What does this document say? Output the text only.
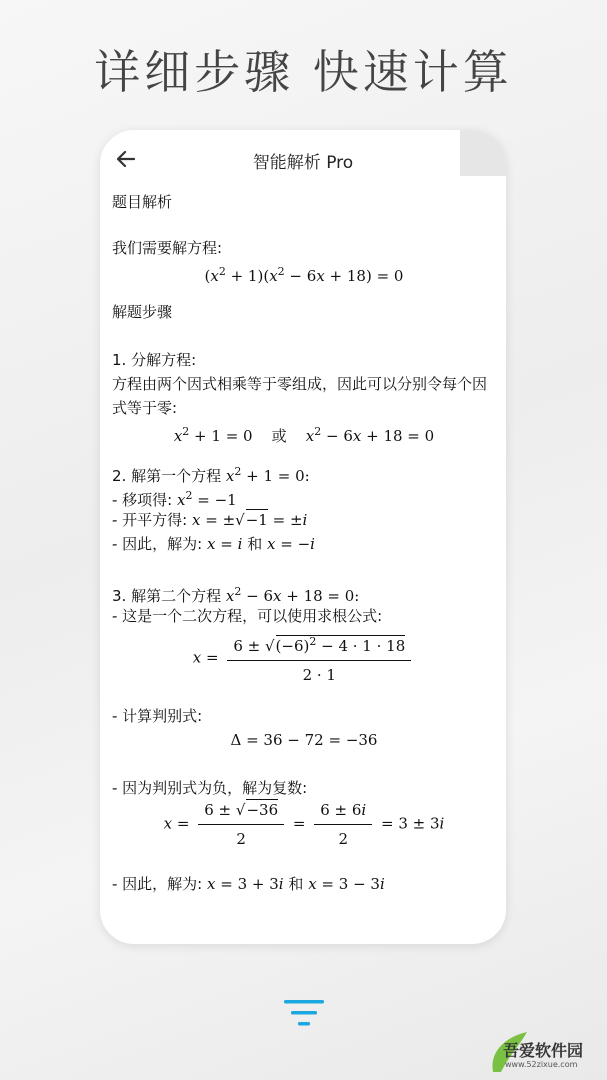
详细步骤 快速计算
智能解析 Pro
题目解析
我们需要解方程:
$(x^2 + 1)(x^2 - 6x + 18) = 0$
解题步骤
1. 分解方程:
方程由两个因式相乘等于零组成，因此可以分别令每个因式等于零:
$x^2 + 1 = 0$    或 $x^2 - 6x + 18 = 0$
2. 解第一个方程 $x^2 + 1 = 0$:
- 移项得: $x^2 = -1$
- 开平方得: x = ±√−1 = ±i
- 因此，解为: x = i 和 x = −i
3. 解第二个方程 $x^2 - 6x + 18 = 0$:
- 这是一个二次方程，可以使用求根公式:
$x = \frac{6 \pm √(-6)^2 - 4 \cdot 1 \cdot 18}{2 \cdot 1}$
- 计算判别式:
Δ = 36 − 72 = −36
- 因为判别式为负，解为复数:
$x = \frac{6 \pm √-36}{2} = \frac{6 \pm 6i}{2} = 3 \pm 3i$
- 因此，解为: x = 3 + 3i 和 x = 3 − 3i
吾爱软件园
www.52zixue.com
